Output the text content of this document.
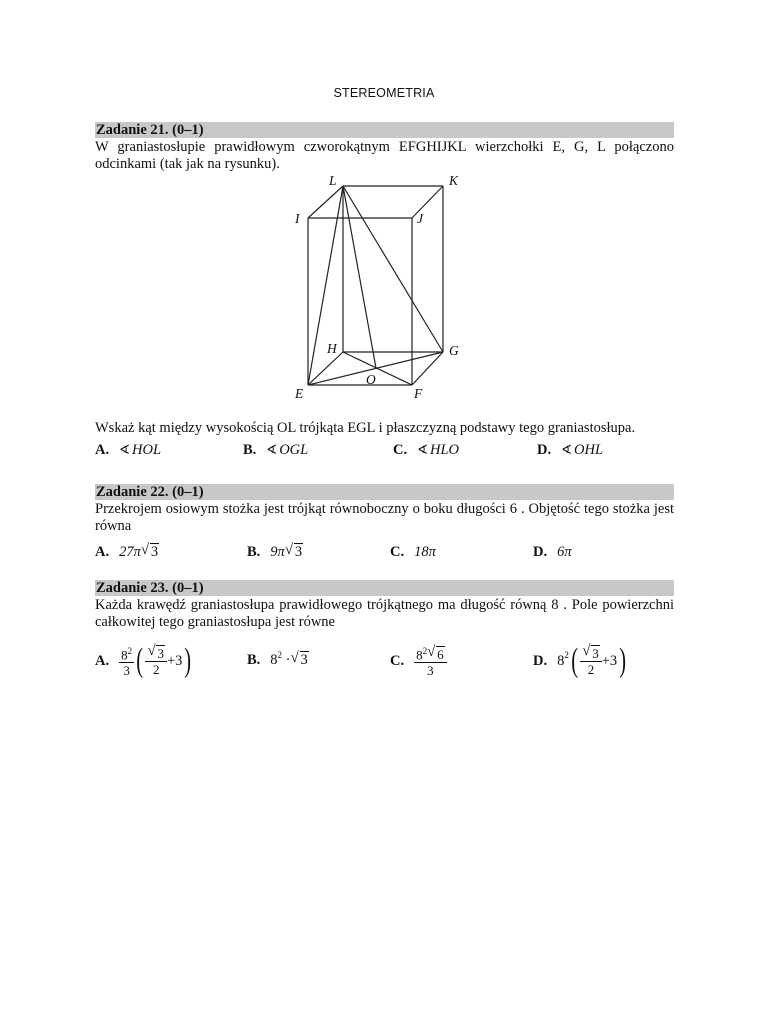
STEREOMETRIA
Zadanie 21. (0–1)
W graniastosłupie prawidłowym czworokątnym EFGHIJKL wierzchołki E, G, L połączono odcinkami (tak jak na rysunku).
L	K
I	J
H	G
O
E	F
Wskaż kąt między wysokością OL trójkąta EGL i płaszczyzną podstawy tego graniastosłupa.
A. ∢ HOL	B. ∢ OGL	C. ∢ HLO	D. ∢ OHL
Zadanie 22. (0–1)
Przekrojem osiowym stożka jest trójkąt równoboczny o boku długości 6 . Objętość tego stożka jest równa
A. 27π √ 3	B. 9π √ 3	C. 18π	D. 6π
Zadanie 23. (0–1)
Każda krawędź graniastosłupa prawidłowego trójkątnego ma długość równą 8 . Pole powierzchni całkowitej tego graniastosłupa jest równe
A. $\frac{8^2}{3}$ ( √ $\frac{3}{2} +3$ )	B. $8^2$ · √ 3	C. $\frac{8^2 √ 6}{3}$	D. $8^2$ ( √ $\frac{3}{2} +3$ )
